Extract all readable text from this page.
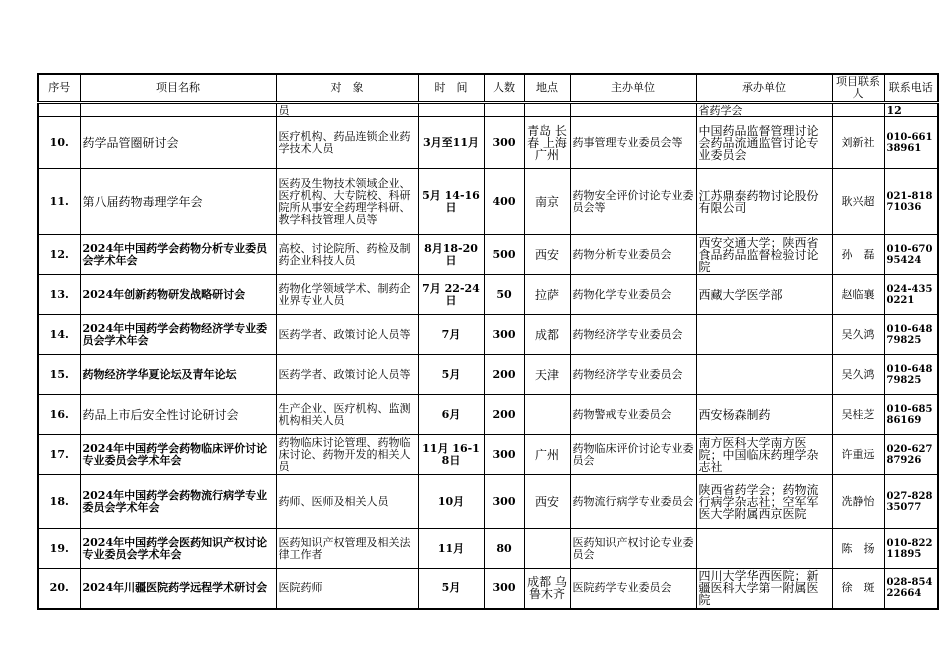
序号	项目名称	对　象	时　间	人数	地点	主办单位	承办单位	项目联系人	联系电话
		员					省药学会		12
10.	药学品管圈研讨会	医疗机构、药品连锁企业药学技术人员	3月至11月	300	青岛 长春 上海 广州	药事管理专业委员会等	中国药品监督管理讨论会药品流通监管讨论专业委员会	刘新社	010-66138961
11.	第八届药物毒理学年会	医药及生物技术领域企业、医疗机构、大专院校、科研院所从事安全药理学科研、教学科技管理人员等	5月 14-16日	400	南京	药物安全评价讨论专业委员会等	江苏鼎泰药物讨论股份有限公司	耿兴超	021-81871036
12.	2024年中国药学会药物分析专业委员会学术年会	高校、讨论院所、药检及制药企业科技人员	8月18-20日	500	西安	药物分析专业委员会	西安交通大学；陕西省食品药品监督检验讨论院	孙　磊	010-67095424
13.	2024年创新药物研发战略研讨会	药物化学领域学术、制药企业界专业人员	7月 22-24日	50	拉萨	药物化学专业委员会	西藏大学医学部	赵临襄	024-4350221
14.	2024年中国药学会药物经济学专业委员会学术年会	医药学者、政策讨论人员等	7月	300	成都	药物经济学专业委员会		吴久鸿	010-64879825
15.	药物经济学华夏论坛及青年论坛	医药学者、政策讨论人员等	5月	200	天津	药物经济学专业委员会		吴久鸿	010-64879825
16.	药品上市后安全性讨论研讨会	生产企业、医疗机构、监测机构相关人员	6月	200		药物警戒专业委员会	西安杨森制药	吴桂芝	010-68586169
17.	2024年中国药学会药物临床评价讨论专业委员会学术年会	药物临床讨论管理、药物临床讨论、药物开发的相关人员	11月 16-18日	300	广州	药物临床评价讨论专业委员会	南方医科大学南方医院；中国临床药理学杂志社	许重远	020-62787926
18.	2024年中国药学会药物流行病学专业委员会学术年会	药师、医师及相关人员	10月	300	西安	药物流行病学专业委员会	陕西省药学会；药物流行病学杂志社；空军军医大学附属西京医院	冼静怡	027-82835077
19.	2024年中国药学会医药知识产权讨论专业委员会学术年会	医药知识产权管理及相关法律工作者	11月	80		医药知识产权讨论专业委员会		陈　扬	010-82211895
20.	2024年川疆医院药学远程学术研讨会	医院药师	5月	300	成都 乌鲁木齐	医院药学专业委员会	四川大学华西医院；新疆医科大学第一附属医院	徐　斑	028-85422664
